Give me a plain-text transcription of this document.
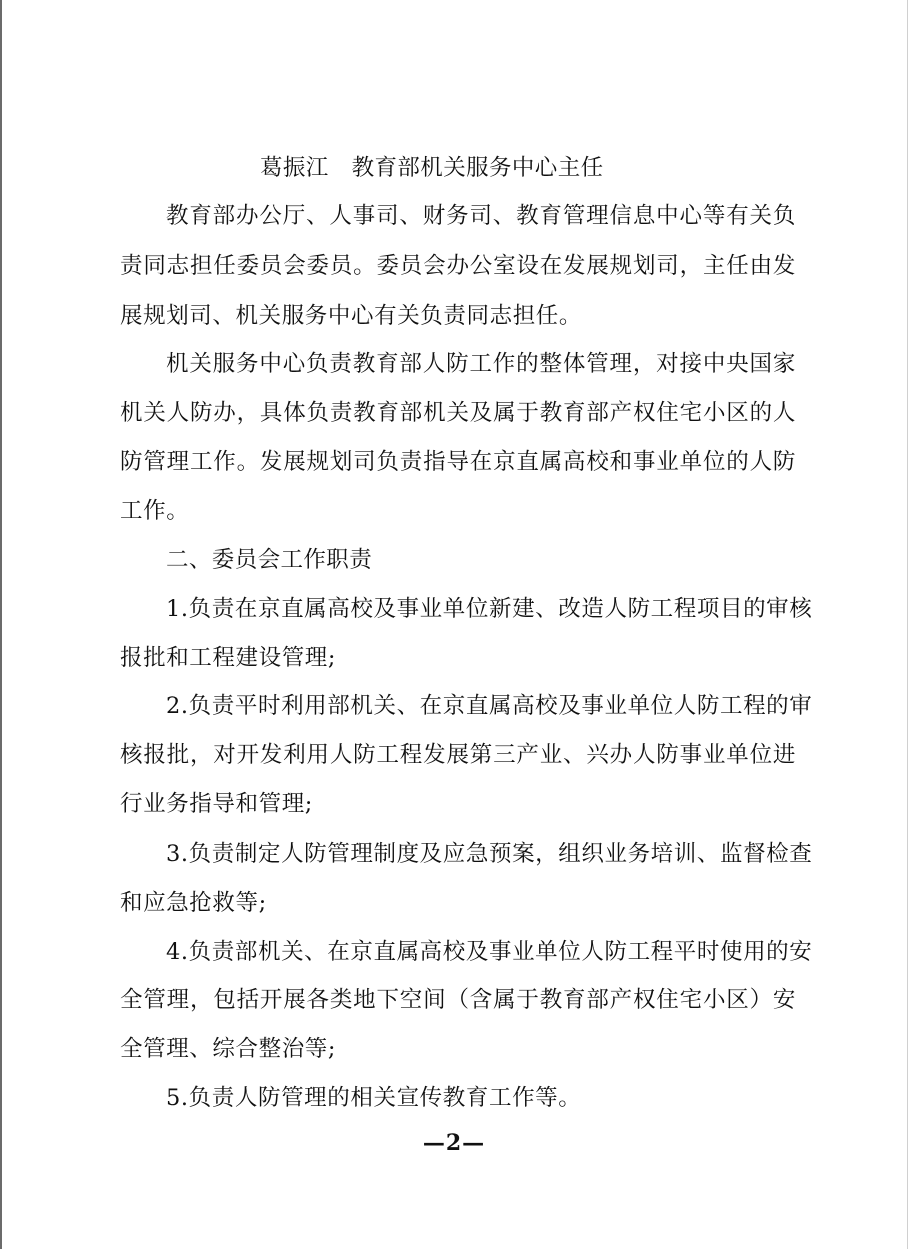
葛振江　教育部机关服务中心主任
教育部办公厅、人事司、财务司、教育管理信息中心等有关负
责同志担任委员会委员。委员会办公室设在发展规划司，主任由发
展规划司、机关服务中心有关负责同志担任。
机关服务中心负责教育部人防工作的整体管理，对接中央国家
机关人防办，具体负责教育部机关及属于教育部产权住宅小区的人
防管理工作。发展规划司负责指导在京直属高校和事业单位的人防
工作。
二、委员会工作职责
1.负责在京直属高校及事业单位新建、改造人防工程项目的审核
报批和工程建设管理;
2.负责平时利用部机关、在京直属高校及事业单位人防工程的审
核报批，对开发利用人防工程发展第三产业、兴办人防事业单位进
行业务指导和管理;
3.负责制定人防管理制度及应急预案，组织业务培训、监督检查
和应急抢救等;
4.负责部机关、在京直属高校及事业单位人防工程平时使用的安
全管理，包括开展各类地下空间（含属于教育部产权住宅小区）安
全管理、综合整治等;
5.负责人防管理的相关宣传教育工作等。
—2—
